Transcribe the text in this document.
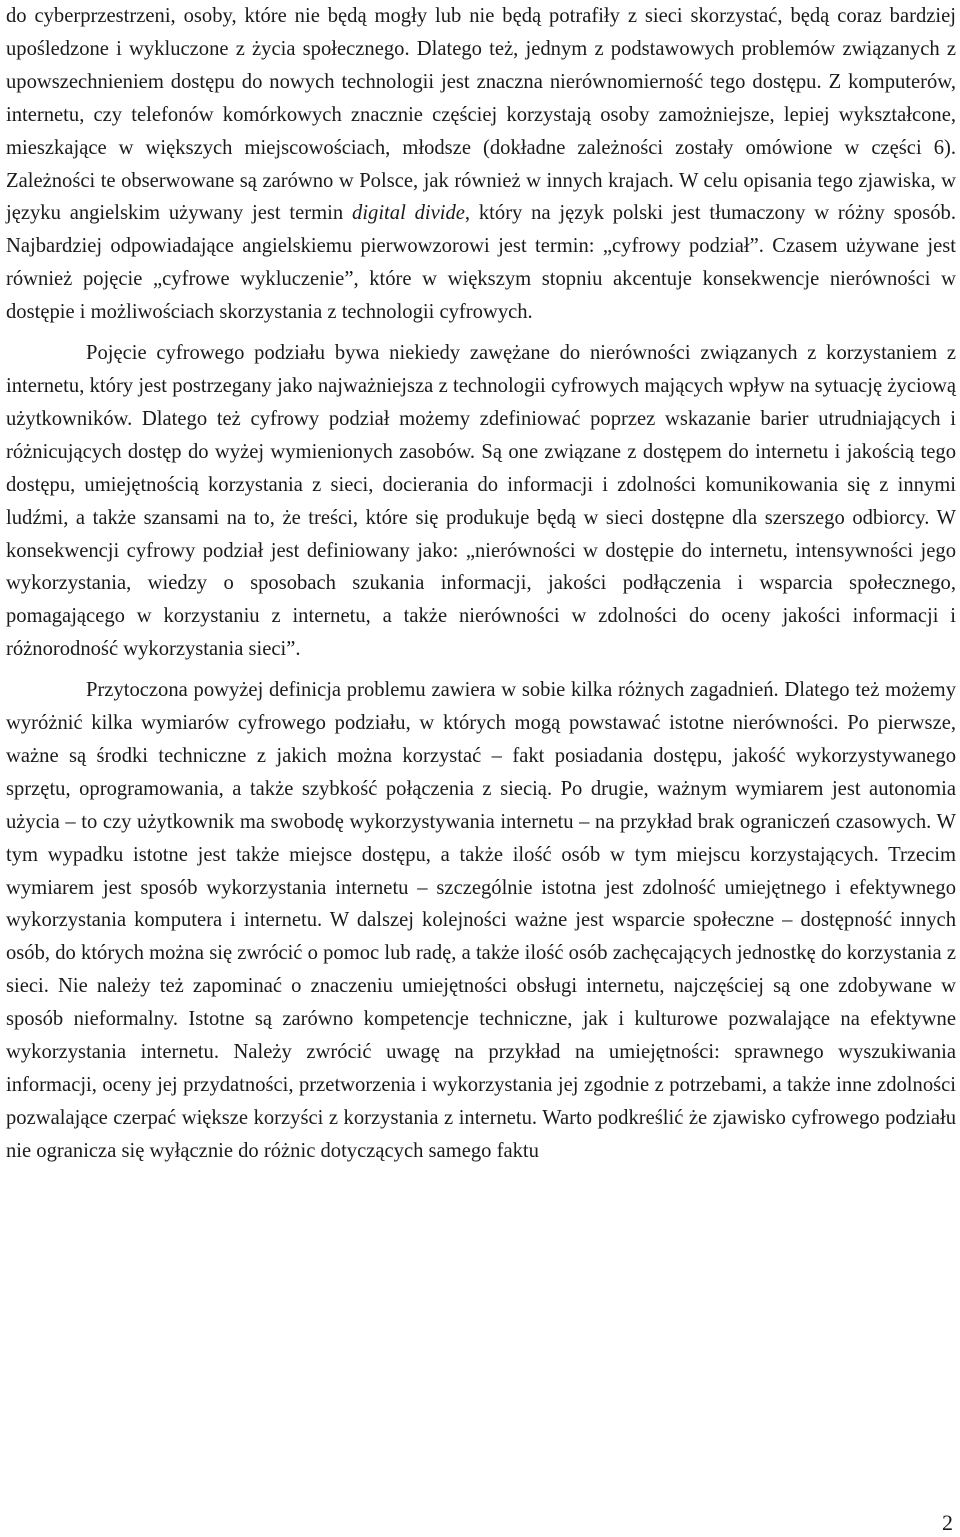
do cyberprzestrzeni, osoby, które nie będą mogły lub nie będą potrafiły z sieci skorzystać, będą coraz bardziej upośledzone i wykluczone z życia społecznego. Dlatego też, jednym z podstawowych problemów związanych z upowszechnieniem dostępu do nowych technologii jest znaczna nierównomierność tego dostępu. Z komputerów, internetu, czy telefonów komórkowych znacznie częściej korzystają osoby zamożniejsze, lepiej wykształcone, mieszkające w większych miejscowościach, młodsze (dokładne zależności zostały omówione w części 6). Zależności te obserwowane są zarówno w Polsce, jak również w innych krajach. W celu opisania tego zjawiska, w języku angielskim używany jest termin digital divide, który na język polski jest tłumaczony w różny sposób. Najbardziej odpowiadające angielskiemu pierwowzorowi jest termin: „cyfrowy podział”. Czasem używane jest również pojęcie „cyfrowe wykluczenie”, które w większym stopniu akcentuje konsekwencje nierówności w dostępie i możliwościach skorzystania z technologii cyfrowych.

Pojęcie cyfrowego podziału bywa niekiedy zawężane do nierówności związanych z korzystaniem z internetu, który jest postrzegany jako najważniejsza z technologii cyfrowych mających wpływ na sytuację życiową użytkowników. Dlatego też cyfrowy podział możemy zdefiniować poprzez wskazanie barier utrudniających i różnicujących dostęp do wyżej wymienionych zasobów. Są one związane z dostępem do internetu i jakością tego dostępu, umiejętnością korzystania z sieci, docierania do informacji i zdolności komunikowania się z innymi ludźmi, a także szansami na to, że treści, które się produkuje będą w sieci dostępne dla szerszego odbiorcy. W konsekwencji cyfrowy podział jest definiowany jako: „nierówności w dostępie do internetu, intensywności jego wykorzystania, wiedzy o sposobach szukania informacji, jakości podłączenia i wsparcia społecznego, pomagającego w korzystaniu z internetu, a także nierówności w zdolności do oceny jakości informacji i różnorodność wykorzystania sieci”.

Przytoczona powyżej definicja problemu zawiera w sobie kilka różnych zagadnień. Dlatego też możemy wyróżnić kilka wymiarów cyfrowego podziału, w których mogą powstawać istotne nierówności. Po pierwsze, ważne są środki techniczne z jakich można korzystać – fakt posiadania dostępu, jakość wykorzystywanego sprzętu, oprogramowania, a także szybkość połączenia z siecią. Po drugie, ważnym wymiarem jest autonomia użycia – to czy użytkownik ma swobodę wykorzystywania internetu – na przykład brak ograniczeń czasowych. W tym wypadku istotne jest także miejsce dostępu, a także ilość osób w tym miejscu korzystających. Trzecim wymiarem jest sposób wykorzystania internetu – szczególnie istotna jest zdolność umiejętnego i efektywnego wykorzystania komputera i internetu. W dalszej kolejności ważne jest wsparcie społeczne – dostępność innych osób, do których można się zwrócić o pomoc lub radę, a także ilość osób zachęcających jednostkę do korzystania z sieci. Nie należy też zapominać o znaczeniu umiejętności obsługi internetu, najczęściej są one zdobywane w sposób nieformalny. Istotne są zarówno kompetencje techniczne, jak i kulturowe pozwalające na efektywne wykorzystania internetu. Należy zwrócić uwagę na przykład na umiejętności: sprawnego wyszukiwania informacji, oceny jej przydatności, przetworzenia i wykorzystania jej zgodnie z potrzebami, a także inne zdolności pozwalające czerpać większe korzyści z korzystania z internetu. Warto podkreślić że zjawisko cyfrowego podziału nie ogranicza się wyłącznie do różnic dotyczących samego faktu

2
